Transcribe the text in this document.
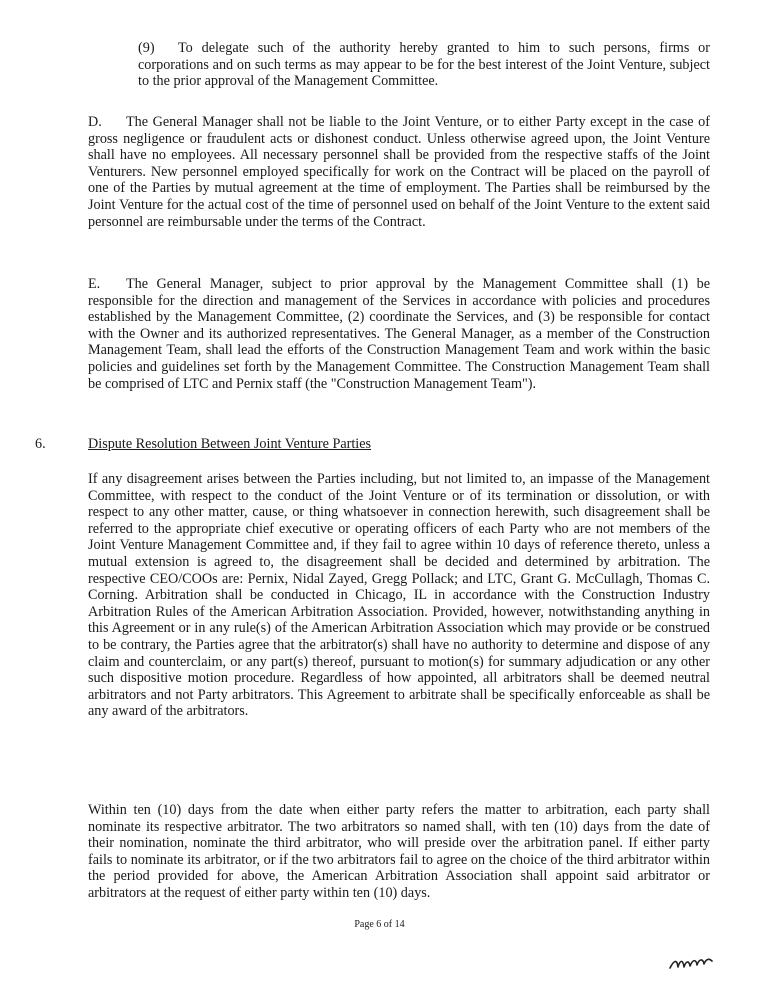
(9) To delegate such of the authority hereby granted to him to such persons, firms or corporations and on such terms as may appear to be for the best interest of the Joint Venture, subject to the prior approval of the Management Committee.
D. The General Manager shall not be liable to the Joint Venture, or to either Party except in the case of gross negligence or fraudulent acts or dishonest conduct. Unless otherwise agreed upon, the Joint Venture shall have no employees. All necessary personnel shall be provided from the respective staffs of the Joint Venturers. New personnel employed specifically for work on the Contract will be placed on the payroll of one of the Parties by mutual agreement at the time of employment. The Parties shall be reimbursed by the Joint Venture for the actual cost of the time of personnel used on behalf of the Joint Venture to the extent said personnel are reimbursable under the terms of the Contract.
E. The General Manager, subject to prior approval by the Management Committee shall (1) be responsible for the direction and management of the Services in accordance with policies and procedures established by the Management Committee, (2) coordinate the Services, and (3) be responsible for contact with the Owner and its authorized representatives. The General Manager, as a member of the Construction Management Team, shall lead the efforts of the Construction Management Team and work within the basic policies and guidelines set forth by the Management Committee. The Construction Management Team shall be comprised of LTC and Pernix staff (the "Construction Management Team").
6.	Dispute Resolution Between Joint Venture Parties
If any disagreement arises between the Parties including, but not limited to, an impasse of the Management Committee, with respect to the conduct of the Joint Venture or of its termination or dissolution, or with respect to any other matter, cause, or thing whatsoever in connection herewith, such disagreement shall be referred to the appropriate chief executive or operating officers of each Party who are not members of the Joint Venture Management Committee and, if they fail to agree within 10 days of reference thereto, unless a mutual extension is agreed to, the disagreement shall be decided and determined by arbitration. The respective CEO/COOs are: Pernix, Nidal Zayed, Gregg Pollack; and LTC, Grant G. McCullagh, Thomas C. Corning. Arbitration shall be conducted in Chicago, IL in accordance with the Construction Industry Arbitration Rules of the American Arbitration Association. Provided, however, notwithstanding anything in this Agreement or in any rule(s) of the American Arbitration Association which may provide or be construed to be contrary, the Parties agree that the arbitrator(s) shall have no authority to determine and dispose of any claim and counterclaim, or any part(s) thereof, pursuant to motion(s) for summary adjudication or any other such dispositive motion procedure. Regardless of how appointed, all arbitrators shall be deemed neutral arbitrators and not Party arbitrators. This Agreement to arbitrate shall be specifically enforceable as shall be any award of the arbitrators.
Within ten (10) days from the date when either party refers the matter to arbitration, each party shall nominate its respective arbitrator. The two arbitrators so named shall, with ten (10) days from the date of their nomination, nominate the third arbitrator, who will preside over the arbitration panel. If either party fails to nominate its arbitrator, or if the two arbitrators fail to agree on the choice of the third arbitrator within the period provided for above, the American Arbitration Association shall appoint said arbitrator or arbitrators at the request of either party within ten (10) days.
Page 6 of 14
